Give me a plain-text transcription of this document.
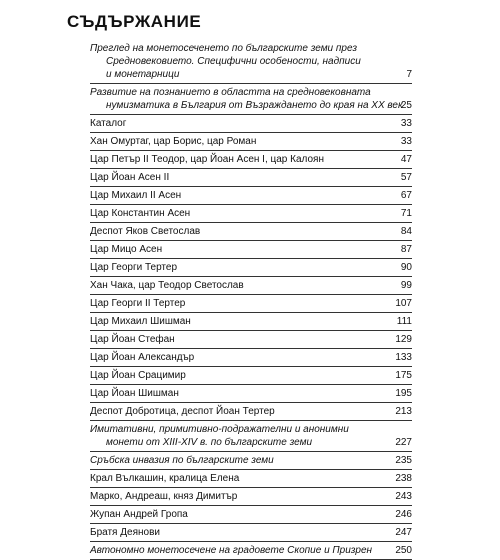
СЪДЪРЖАНИЕ
Преглед на монетосеченето по българските земи през
Средновековието. Специфични особености, надписи
и монетарници	7
Развитие на познанието в областта на средновековната
нумизматика в България от Възраждането до края на ХХ век
25
Каталог	33
Хан Омуртаг, цар Борис, цар Роман	33
Цар Петър II Теодор, цар Йоан Асен I, цар Калоян	47
Цар Йоан Асен II	57
Цар Михаил II Асен	67
Цар Константин Асен	71
Деспот Яков Светослав	84
Цар Мицо Асен	87
Цар Георги Тертер	90
Хан Чака, цар Теодор Светослав	99
Цар Георги II Тертер	107
Цар Михаил Шишман	111
Цар Йоан Стефан	129
Цар Йоан Александър	133
Цар Йоан Срацимир	175
Цар Йоан Шишман	195
Деспот Добротица, деспот Йоан Тертер	213
Имитативни, примитивно-подражателни и анонимни
монети от XIII-XIV в. по българските земи	227
Сръбска инвазия по българските земи	235
Крал Вълкашин, кралица Елена	238
Марко, Андреаш, княз Димитър	243
Жупан Андрей Гропа	246
Братя Деянови	247
Автономно монетосечене на градовете Скопие и Призрен 250
